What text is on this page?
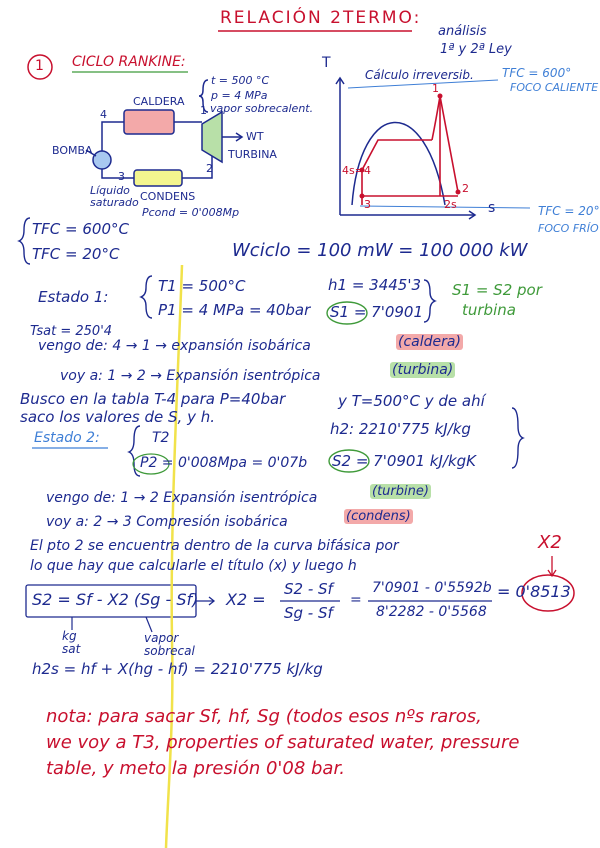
RELACIÓN 2TERMO:
análisis
1ª y 2ª Ley
1 CICLO RANKINE:
CALDERA
BOMBA
Líquido saturado CONDENS
Pcond = 0'008Mp
TURBINA
WT
t = 500 °C
p = 4 MPa
vapor sobrecalent.
4	1
3
2
T
s
Cálculo irreversib. TFC = 600°
FOCO CALIENTE
TFC = 20°
FOCO FRÍO
1
4s=4
3
2
2s
TFC = 600°C
TFC = 20°C	Wciclo = 100 mW = 100 000 kW
Estado 1:
T1 = 500°C
P1 = 4 MPa = 40bar
h1 = 3445'3
S1 = 7'0901
S1 = S2 por
turbina
Tsat = 250'4
vengo de: 4 → 1 → expansión isobárica	(caldera)
voy a: 1 → 2 → Expansión isentrópica	(turbina)
Busco en la tabla T-4 para P=40bar	y T=500°C y de ahí
saco los valores de S, y h.
Estado 2:	T2
P2 = 0'008Mpa = 0'07b
h2: 2210'775 kJ/kg
S2 = 7'0901 kJ/kgK
vengo de: 1 → 2 Expansión isentrópica	(turbine)
voy a: 2 → 3 Compresión isobárica	(condens)
El pto 2 se encuentra dentro de la curva bifásica por
lo que hay que calcularle el título (x) y luego h
S2 = Sf - X2 (Sg - Sf) X2 =
S2 - Sf
Sg - Sf
=
7'0901 - 0'5592b
8'2282 - 0'5568
= 0'8513
X2
kg sat
vapor sobrecal
h2s = hf + X(hg - hf) = 2210'775 kJ/kg
nota: para sacar Sf, hf, Sg (todos esos nºs raros,
we voy a T3, properties of saturated water, pressure
table, y meto la presión 0'08 bar.
